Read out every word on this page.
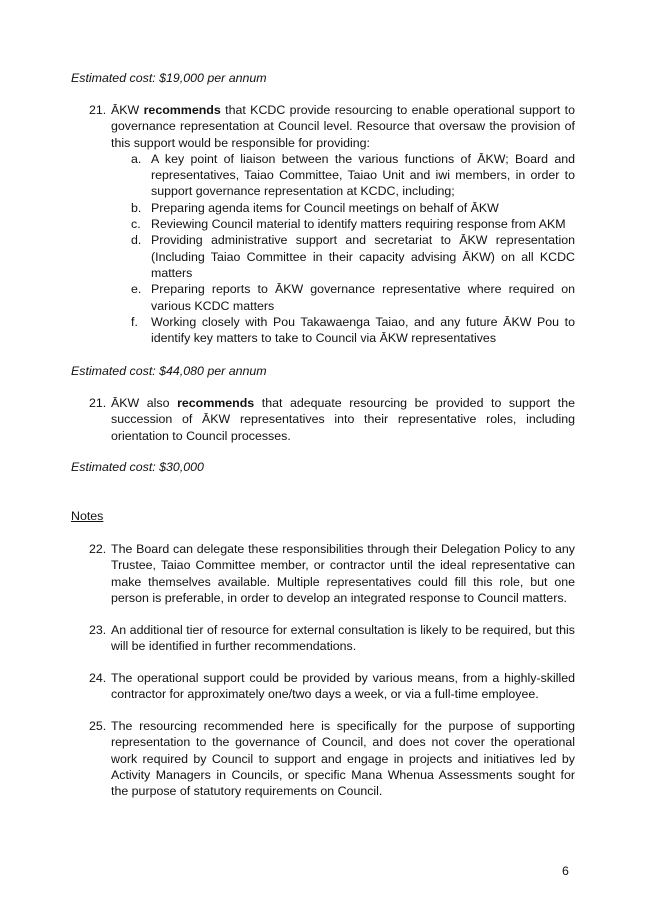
Estimated cost: $19,000 per annum
21. ĀKW recommends that KCDC provide resourcing to enable operational support to governance representation at Council level. Resource that oversaw the provision of this support would be responsible for providing:
a. A key point of liaison between the various functions of ĀKW; Board and representatives, Taiao Committee, Taiao Unit and iwi members, in order to support governance representation at KCDC, including;
b. Preparing agenda items for Council meetings on behalf of ĀKW
c. Reviewing Council material to identify matters requiring response from AKM
d. Providing administrative support and secretariat to ĀKW representation (Including Taiao Committee in their capacity advising ĀKW) on all KCDC matters
e. Preparing reports to ĀKW governance representative where required on various KCDC matters
f. Working closely with Pou Takawaenga Taiao, and any future ĀKW Pou to identify key matters to take to Council via ĀKW representatives
Estimated cost: $44,080 per annum
21. ĀKW also recommends that adequate resourcing be provided to support the succession of ĀKW representatives into their representative roles, including orientation to Council processes.
Estimated cost: $30,000
Notes
22. The Board can delegate these responsibilities through their Delegation Policy to any Trustee, Taiao Committee member, or contractor until the ideal representative can make themselves available. Multiple representatives could fill this role, but one person is preferable, in order to develop an integrated response to Council matters.
23. An additional tier of resource for external consultation is likely to be required, but this will be identified in further recommendations.
24. The operational support could be provided by various means, from a highly-skilled contractor for approximately one/two days a week, or via a full-time employee.
25. The resourcing recommended here is specifically for the purpose of supporting representation to the governance of Council, and does not cover the operational work required by Council to support and engage in projects and initiatives led by Activity Managers in Councils, or specific Mana Whenua Assessments sought for the purpose of statutory requirements on Council.
6
